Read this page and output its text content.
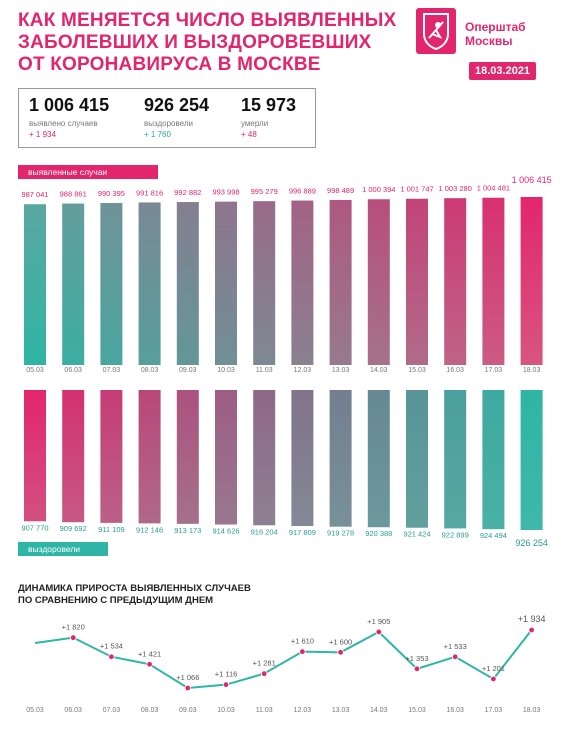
КАК МЕНЯЕТСЯ ЧИСЛО ВЫЯВЛЕННЫХ
ЗАБОЛЕВШИХ И ВЫЗДОРОВЕВШИХ
ОТ КОРОНАВИРУСА В МОСКВЕ
Оперштаб
Москвы
18.03.2021
1 006 415
выявлено случаев
+ 1 934
926 254
выздоровели
+ 1 760
15 973
умерли
+ 48
выявленные случаи
выздоровели
ДИНАМИКА ПРИРОСТА ВЫЯВЛЕННЫХ СЛУЧАЕВ
ПО СРАВНЕНИЮ С ПРЕДЫДУЩИМ ДНЕМ
987 041
05.03
988 861
06.03
990 395
07.03
991 816
08.03
992 882
09.03
993 998
10.03
995 279
11.03
996 889
12.03
998 489
13.03
1 000 394
14.03
1 001 747
15.03
1 003 280
16.03
1 004 481
17.03
1 006 415
18.03
907 770 909 692 911 109 912 146 913 173 914 626 916 204 917 809 919 278 920 388 921 424 922 899 924 494
926 254
+1 820
+1 534
+1 421
+1 066 +1 116
+1 281
+1 610 +1 600
+1 905
+1 353
+1 533
+1 201
+1 934
05.03	06.03	07.03	08.03	09.03	10.03	11.03	12.03	13.03	14.03	15.03	16.03	17.03	18.03
